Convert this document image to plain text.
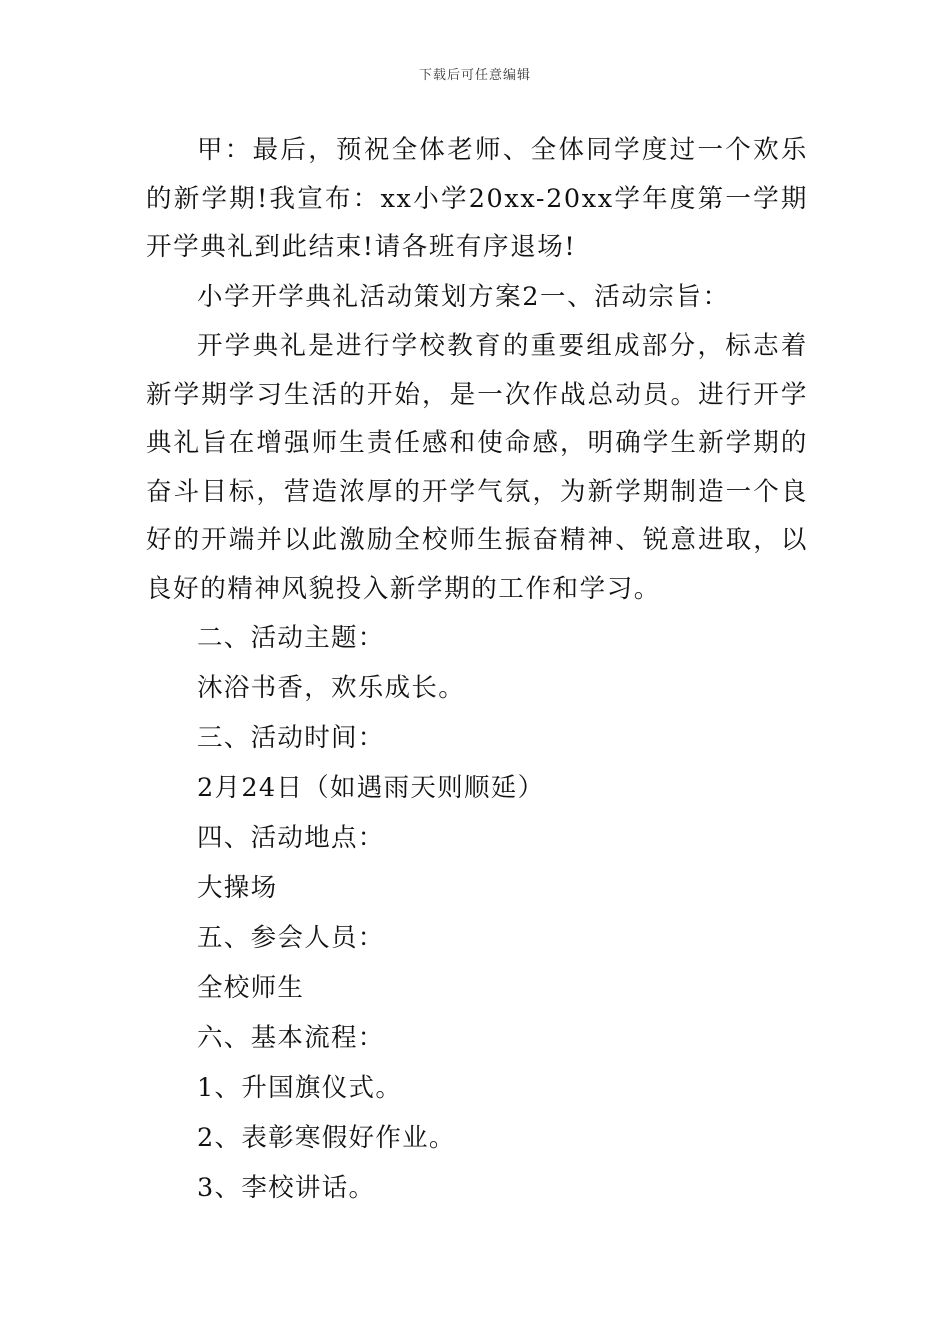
下载后可任意编辑

甲：最后，预祝全体老师、全体同学度过一个欢乐的新学期!我宣布：xx小学20xx-20xx学年度第一学期开学典礼到此结束!请各班有序退场!

小学开学典礼活动策划方案2一、活动宗旨：

开学典礼是进行学校教育的重要组成部分，标志着新学期学习生活的开始，是一次作战总动员。进行开学典礼旨在增强师生责任感和使命感，明确学生新学期的奋斗目标，营造浓厚的开学气氛，为新学期制造一个良好的开端并以此激励全校师生振奋精神、锐意进取，以良好的精神风貌投入新学期的工作和学习。

二、活动主题：
沐浴书香，欢乐成长。
三、活动时间：
2月24日（如遇雨天则顺延）
四、活动地点：
大操场
五、参会人员：
全校师生
六、基本流程：
1、升国旗仪式。
2、表彰寒假好作业。
3、李校讲话。
